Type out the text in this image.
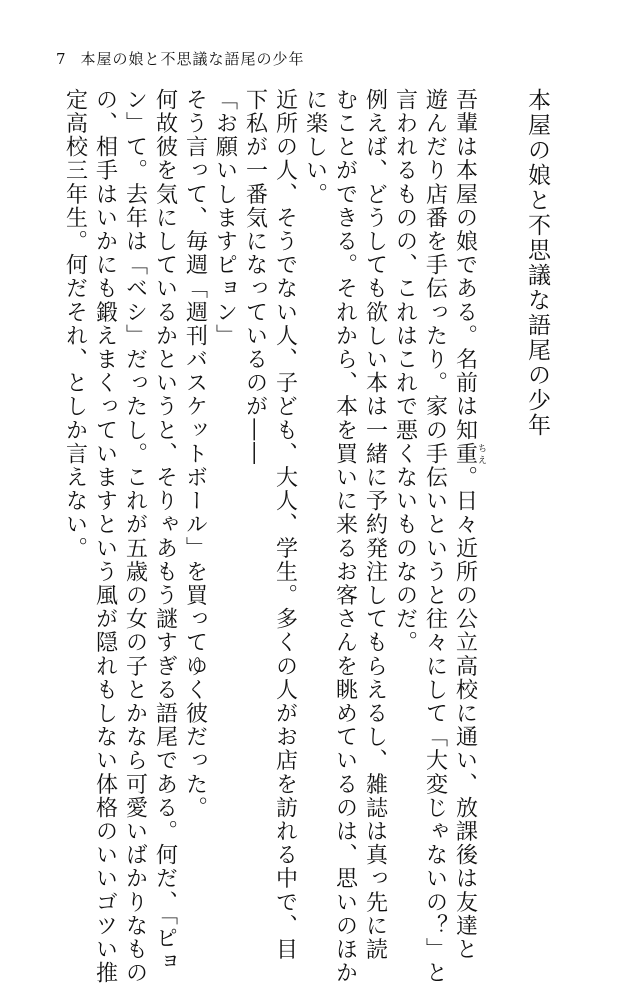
7 本屋の娘と不思議な語尾の少年
本屋の娘と不思議な語尾の少年
吾輩は本屋の娘である。名前は知重ちえ。日々近所の公立高校に通い、放課後は友達と
遊んだり店番を手伝ったり。家の手伝いというと往々にして「大変じゃないの？」と
言われるものの、これはこれで悪くないものなのだ。
例えば、どうしても欲しい本は一緒に予約発注してもらえるし、雑誌は真っ先に読
むことができる。それから、本を買いに来るお客さんを眺めているのは、思いのほか
に楽しい。
近所の人、そうでない人、子ども、大人、学生。多くの人がお店を訪れる中で、目
下私が一番気になっているのが――
「お願いしますピョン」
そう言って、毎週「週刊バスケットボール」を買ってゆく彼だった。
何故彼を気にしているかというと、そりゃあもう謎すぎる語尾である。何だ、「ピョ
ン」て。去年は「ベシ」だったし。これが五歳の女の子とかなら可愛いばかりなもの
の、相手はいかにも鍛えまくっていますという風が隠れもしない体格のいいゴツい推
定高校三年生。何だそれ、としか言えない。
